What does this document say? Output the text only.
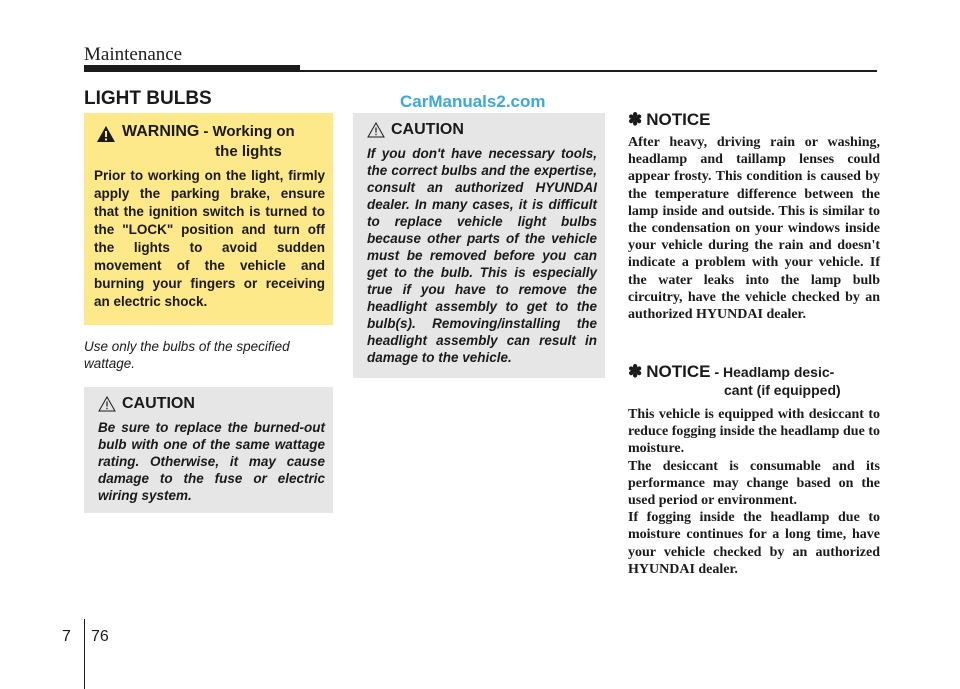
Maintenance
LIGHT BULBS	CarManuals2.com
WARNING - Working on
the lights
Prior to working on the light, firmly apply the parking brake, ensure that the ignition switch is turned to the "LOCK" position and turn off the lights to avoid sudden movement of the vehicle and burning your fingers or receiving an electric shock.
Use only the bulbs of the specified wattage.
CAUTION
Be sure to replace the burned-out bulb with one of the same wattage rating. Otherwise, it may cause damage to the fuse or electric wiring system.
CAUTION
If you don't have necessary tools, the correct bulbs and the expertise, consult an authorized HYUNDAI dealer. In many cases, it is difficult to replace vehicle light bulbs because other parts of the vehicle must be removed before you can get to the bulb. This is especially true if you have to remove the headlight assembly to get to the bulb(s). Removing/installing the headlight assembly can result in damage to the vehicle.
✽ NOTICE
After heavy, driving rain or washing, headlamp and taillamp lenses could appear frosty. This condition is caused by the temperature difference between the lamp inside and outside. This is similar to the condensation on your windows inside your vehicle during the rain and doesn't indicate a problem with your vehicle. If the water leaks into the lamp bulb circuitry, have the vehicle checked by an authorized HYUNDAI dealer.
✽ NOTICE - Headlamp desic-
cant (if equipped)
This vehicle is equipped with desiccant to reduce fogging inside the headlamp due to moisture.
The desiccant is consumable and its performance may change based on the used period or environment.
If fogging inside the headlamp due to moisture continues for a long time, have your vehicle checked by an authorized HYUNDAI dealer.
7 76
